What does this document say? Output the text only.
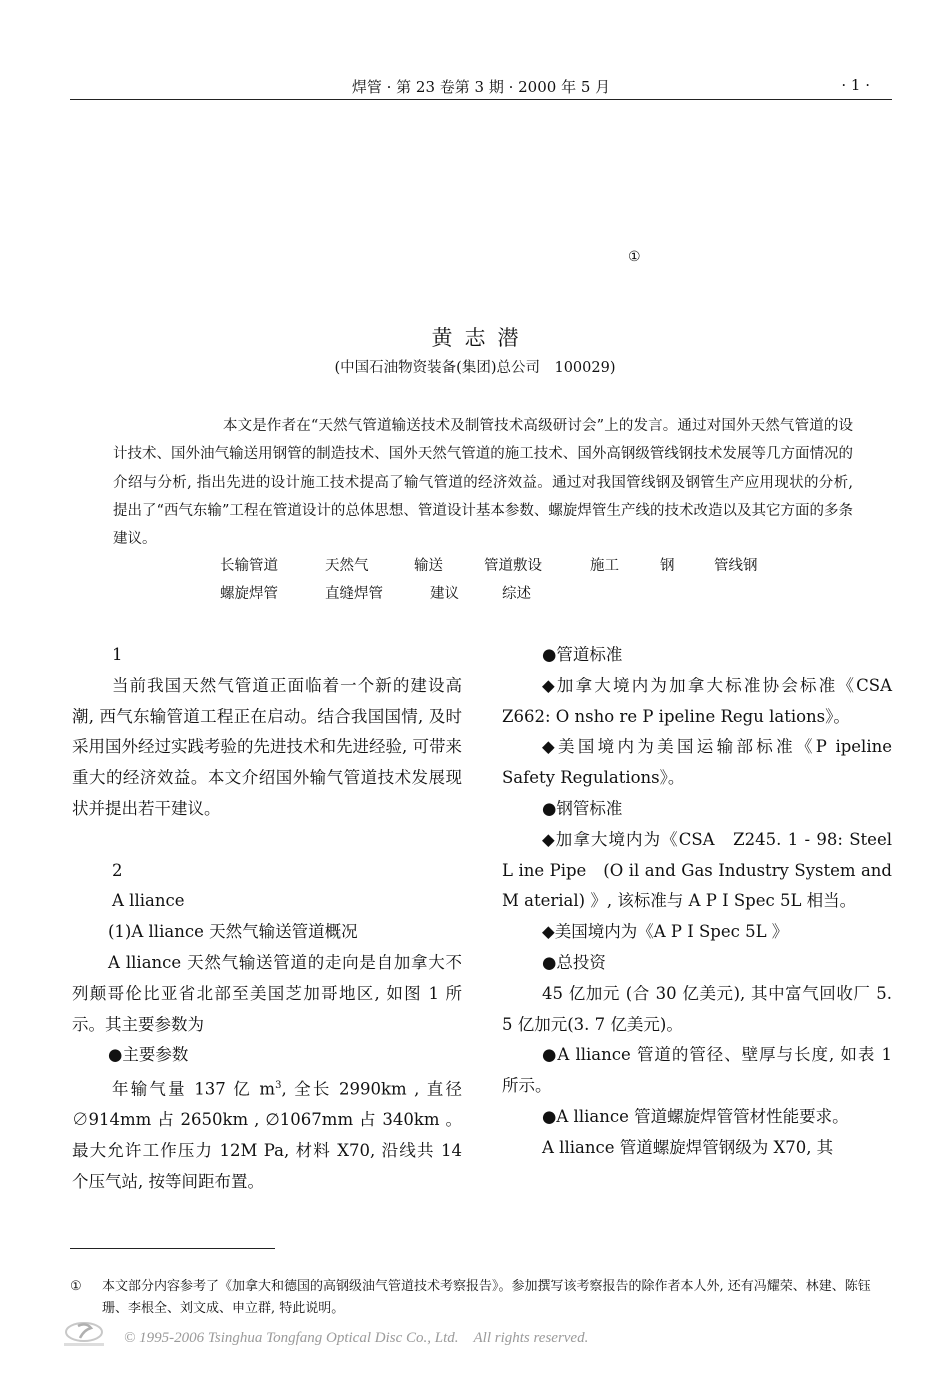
焊管 · 第 23 卷第 3 期 · 2000 年 5 月	· 1 ·
①
黄志潜
(中国石油物资装备(集团)总公司　100029)

本文是作者在“天然气管道输送技术及制管技术高级研讨会”上的发言。通过对国外天然气管道的设计技术、国外油气输送用钢管的制造技术、国外天然气管道的施工技术、国外高钢级管线钢技术发展等几方面情况的介绍与分析, 指出先进的设计施工技术提高了输气管道的经济效益。通过对我国管线钢及钢管生产应用现状的分析, 提出了“西气东输”工程在管道设计的总体思想、管道设计基本参数、螺旋焊管生产线的技术改造以及其它方面的多条建议。

长输管道	天然气	输送	管道敷设	施工	钢	管线钢
螺旋焊管	直缝焊管	建议	综述

1

当前我国天然气管道正面临着一个新的建设高潮, 西气东输管道工程正在启动。结合我国国情, 及时采用国外经过实践考验的先进技术和先进经验, 可带来重大的经济效益。本文介绍国外输气管道技术发展现状并提出若干建议。

2

A lliance

(1)A lliance 天然气输送管道概况

A lliance 天然气输送管道的走向是自加拿大不列颠哥伦比亚省北部至美国芝加哥地区, 如图 1 所示。其主要参数为

●主要参数

年输气量 137 亿 $m^3$, 全长 2990km , 直径 ∅914mm 占 2650km , ∅1067mm 占 340km 。最大允许工作压力 12M Pa, 材料 X70, 沿线共 14 个压气站, 按等间距布置。

●管道标准

◆加拿大境内为加拿大标准协会标准《CSA　Z662: O nsho re P ipeline Regu lations》。

◆美国境内为美国运输部标准《P ipeline Safety Regulations》。

●钢管标准

◆加拿大境内为《CSA　Z245. 1 - 98: Steel L ine Pipe　(O il and Gas Industry System and M aterial) 》, 该标准与 A P I Spec 5L 相当。

◆美国境内为《A P I Spec 5L 》

●总投资

45 亿加元 (合 30 亿美元), 其中富气回收厂 5. 5 亿加元(3. 7 亿美元)。

●A lliance 管道的管径、壁厚与长度, 如表 1 所示。

●A lliance 管道螺旋焊管管材性能要求。

A lliance 管道螺旋焊管钢级为 X70, 其

①	本文部分内容参考了《加拿大和德国的高钢级油气管道技术考察报告》。参加撰写该考察报告的除作者本人外, 还有冯耀荣、林建、陈钰珊、李根全、刘文成、申立群, 特此说明。
© 1995-2006 Tsinghua Tongfang Optical Disc Co., Ltd.　All rights reserved.
